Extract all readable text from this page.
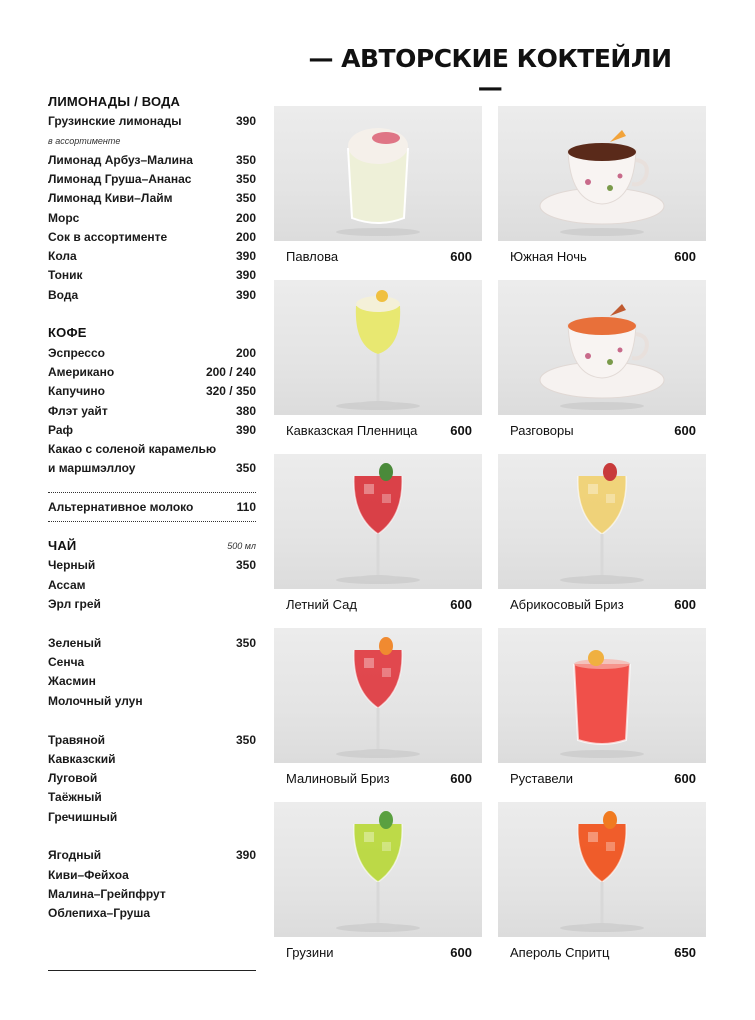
— АВТОРСКИЕ КОКТЕЙЛИ —
ЛИМОНАДЫ / ВОДА
Грузинские лимонады	390
в ассортименте
Лимонад Арбуз–Малина	350
Лимонад Груша–Ананас	350
Лимонад Киви–Лайм	350
Морс	200
Сок в ассортименте	200
Кола	390
Тоник	390
Вода	390
КОФЕ
Эспрессо	200
Американо	200 / 240
Капучино	320 / 350
Флэт уайт	380
Раф	390
Какао с соленой карамелью
и маршмэллоу	350
Альтернативное молоко	110
ЧАЙ	500 мл
Черный	350
Ассам
Эрл грей
Зеленый	350
Сенча
Жасмин
Молочный улун
Травяной	350
Кавказский
Луговой
Таёжный
Гречишный
Ягодный	390
Киви–Фейхоа
Малина–Грейпфрут
Облепиха–Груша
Павлова	600	Южная Ночь	600
Кавказская Пленница	600	Разговоры	600
Летний Сад	600	Абрикосовый Бриз	600
Малиновый Бриз	600	Руставели	600
Грузини	600	Апероль Спритц	650
